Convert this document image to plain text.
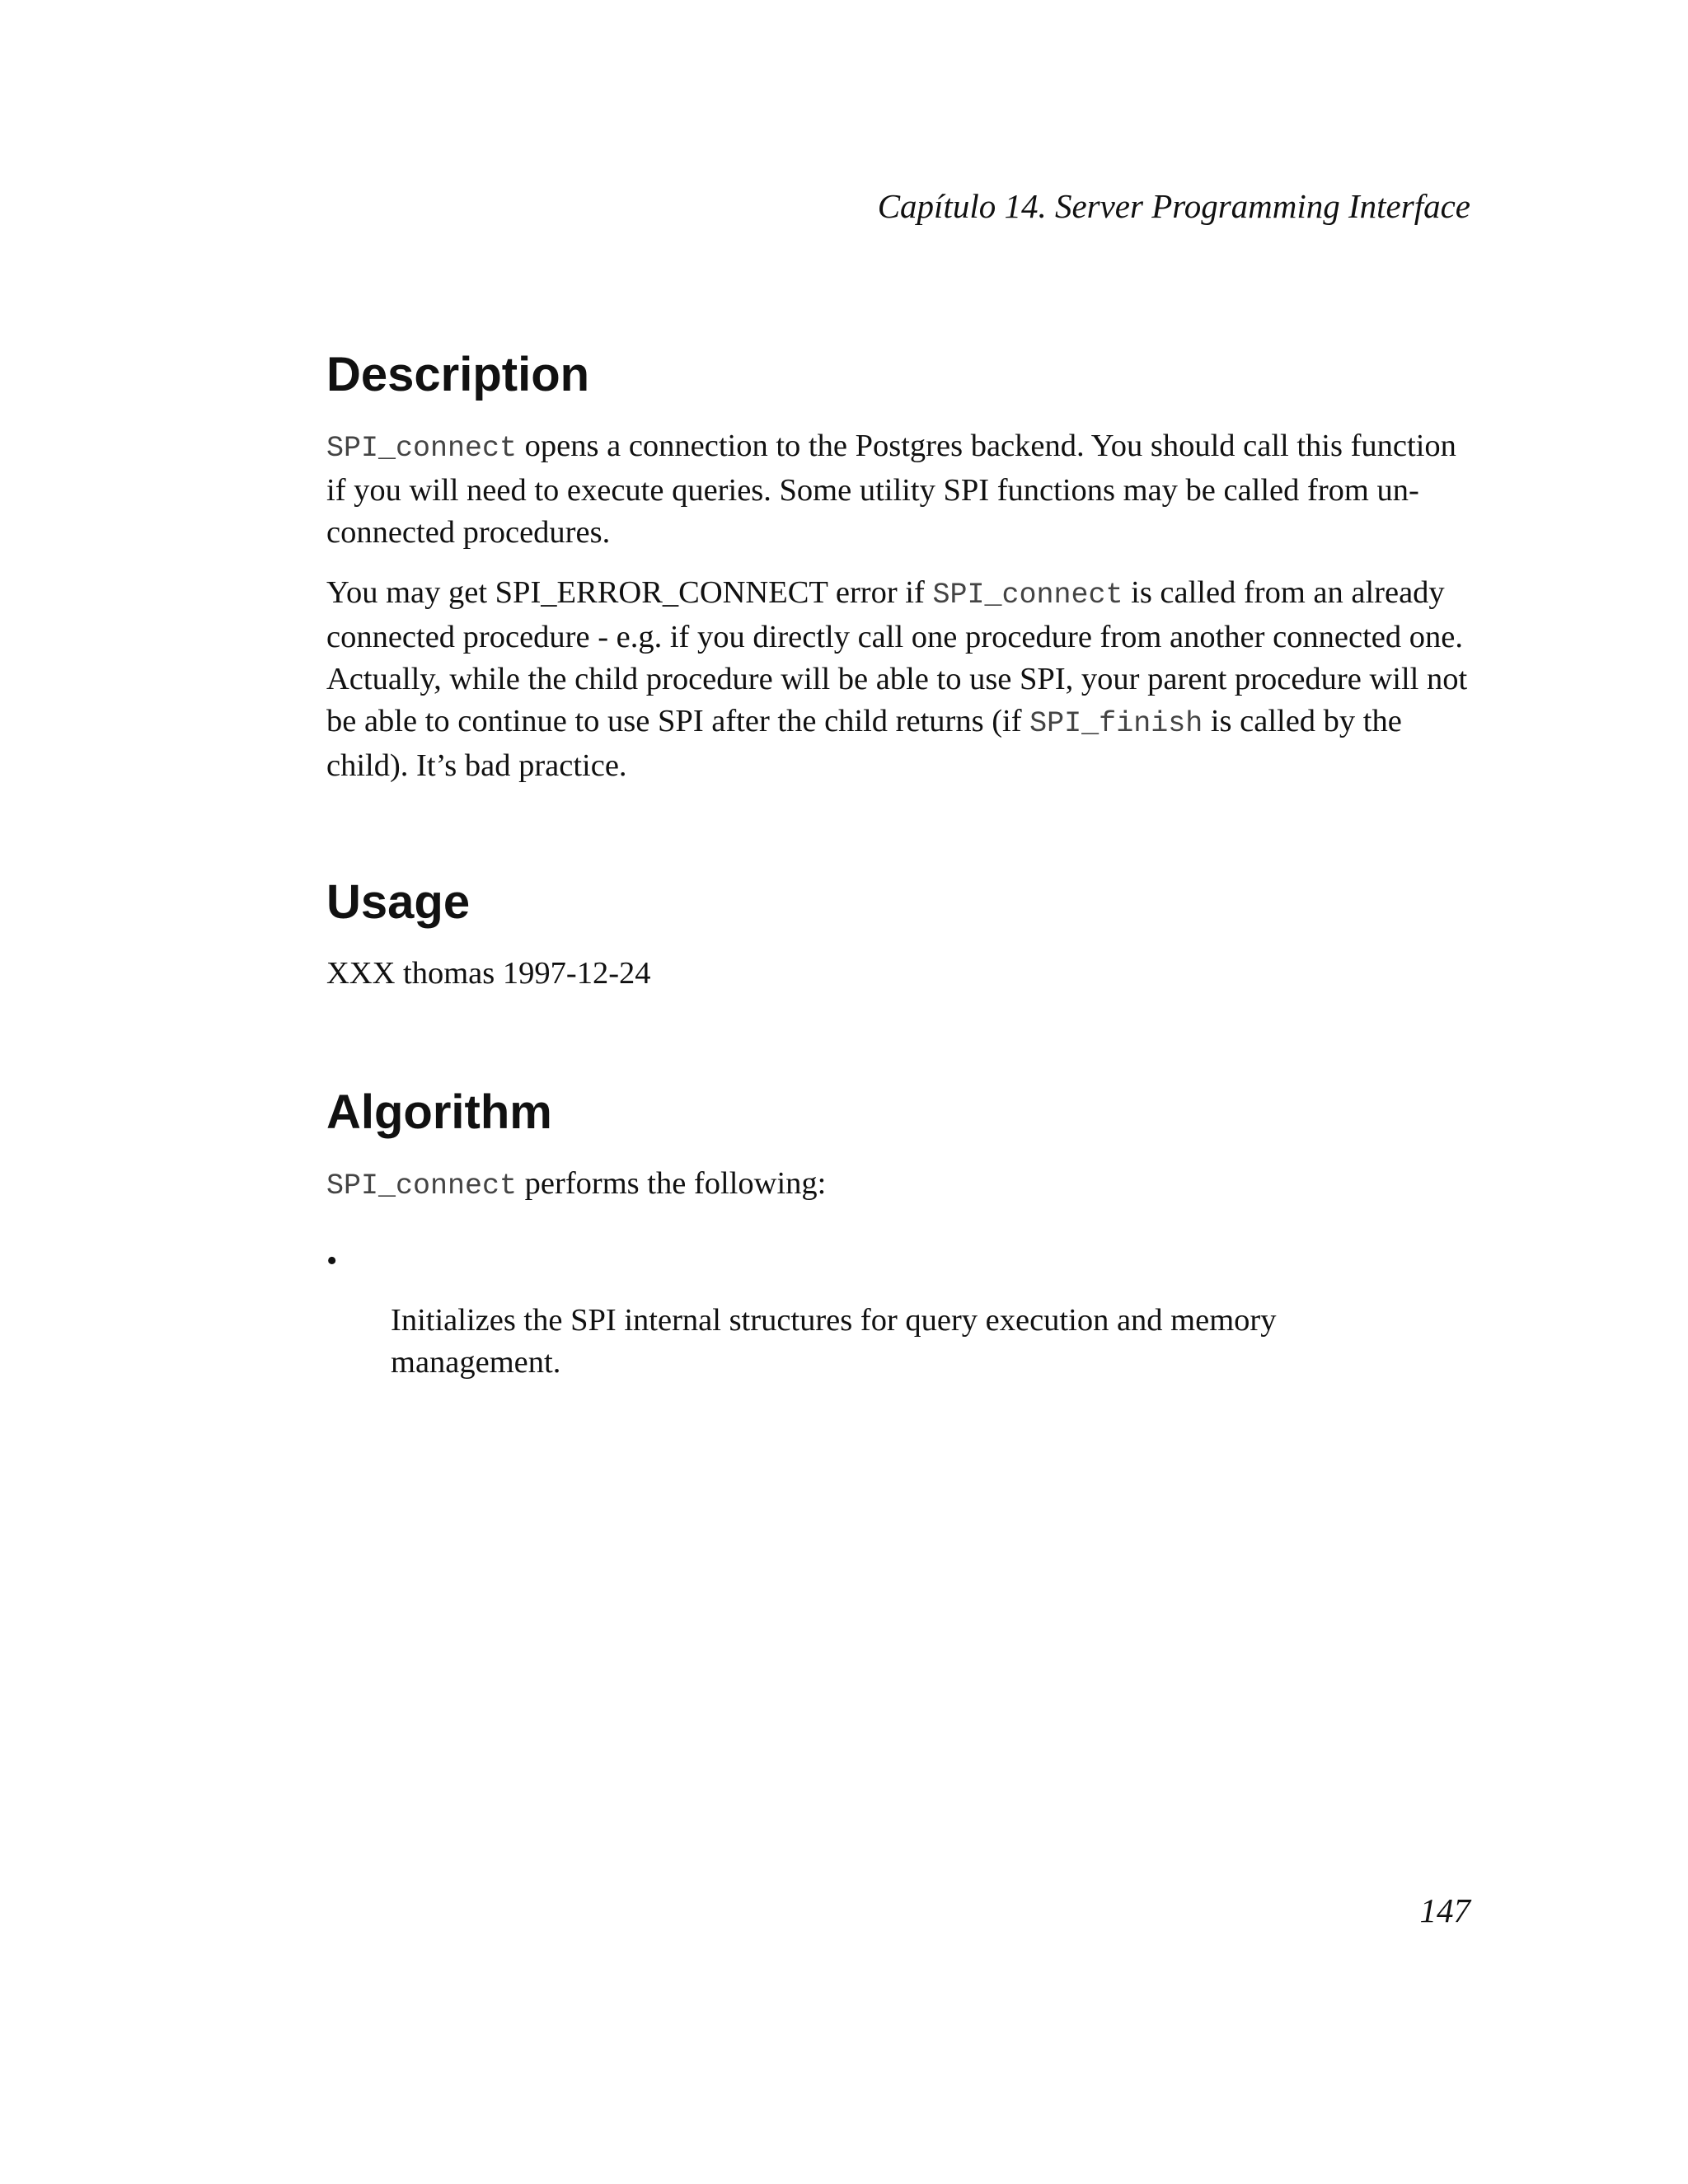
Capítulo 14. Server Programming Interface
Description

SPI_connect opens a connection to the Postgres backend. You should call this function if you will need to execute queries. Some utility SPI functions may be called from un-connected procedures.

You may get SPI_ERROR_CONNECT error if SPI_connect is called from an already connected procedure - e.g. if you directly call one procedure from another connected one. Actually, while the child procedure will be able to use SPI, your parent procedure will not be able to continue to use SPI after the child returns (if SPI_finish is called by the child). It’s bad practice.

Usage

XXX thomas 1997-12-24

Algorithm

SPI_connect performs the following:

•

Initializes the SPI internal structures for query execution and memory management.

147
